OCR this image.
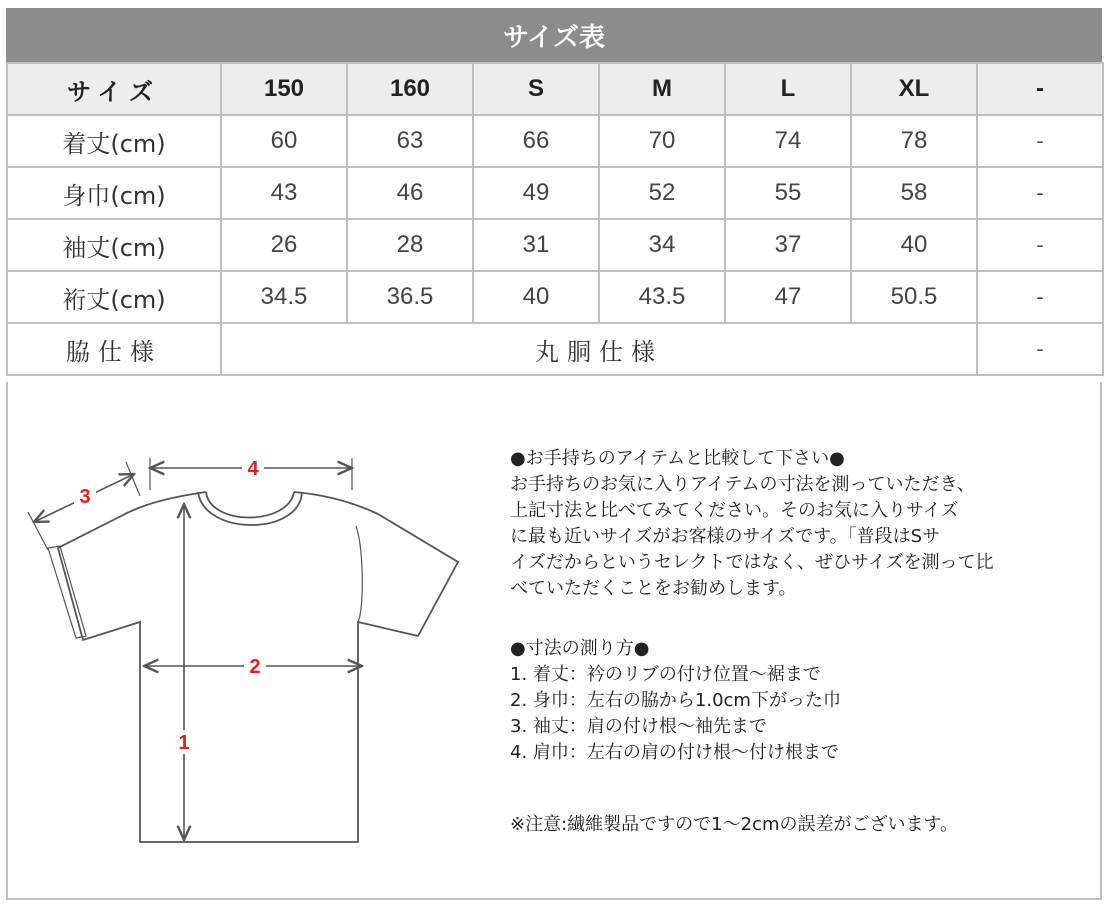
サイズ表
サイズ	150	160	S	M	L	XL	-
着丈(cm)	60	63	66	70	74	78	-
身巾(cm)	43	46	49	52	55	58	-
袖丈(cm)	26	28	31	34	37	40	-
裄丈(cm)	34.5	36.5	40	43.5	47	50.5	-
脇仕様	丸胴仕様						-
4
2
1
3
●お手持ちのアイテムと比較して下さい●
お手持ちのお気に入りアイテムの寸法を測っていただき、
上記寸法と比べてみてください。そのお気に入りサイズ
に最も近いサイズがお客様のサイズです。「普段はSサ
イズだからというセレクトではなく、ぜひサイズを測って比
べていただくことをお勧めします。
●寸法の測り方●
1. 着丈：衿のリブの付け位置～裾まで
2. 身巾：左右の脇から1.0cm下がった巾
3. 袖丈：肩の付け根～袖先まで
4. 肩巾：左右の肩の付け根～付け根まで
※注意:繊維製品ですので1～2cmの誤差がございます。
